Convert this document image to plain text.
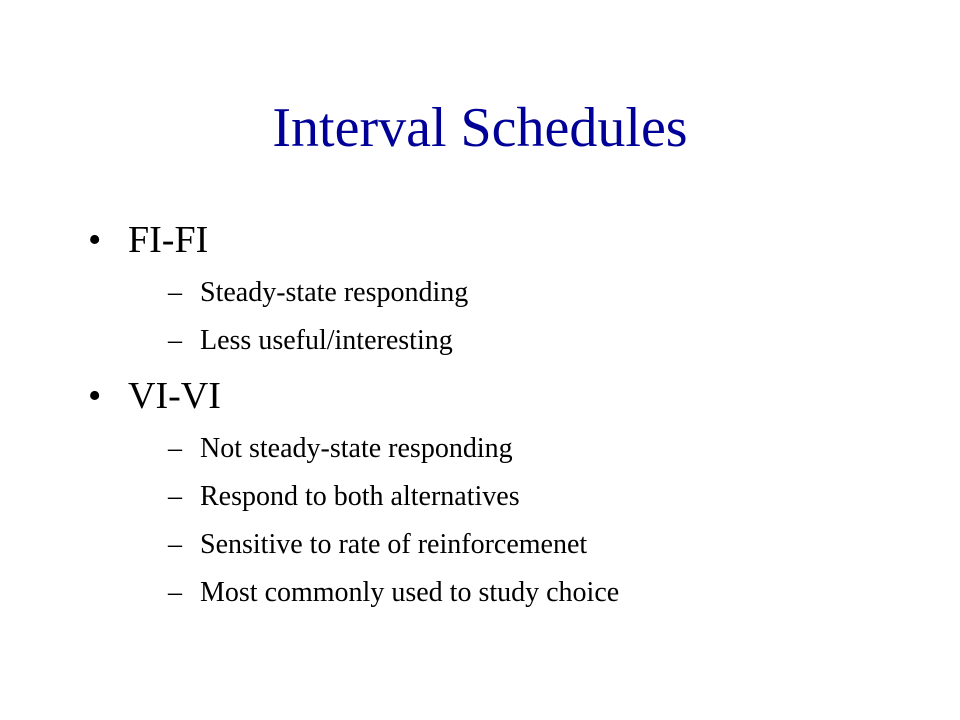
Interval Schedules
• FI-FI
– Steady-state responding
– Less useful/interesting
• VI-VI
– Not steady-state responding
– Respond to both alternatives
– Sensitive to rate of reinforcemenet
– Most commonly used to study choice
